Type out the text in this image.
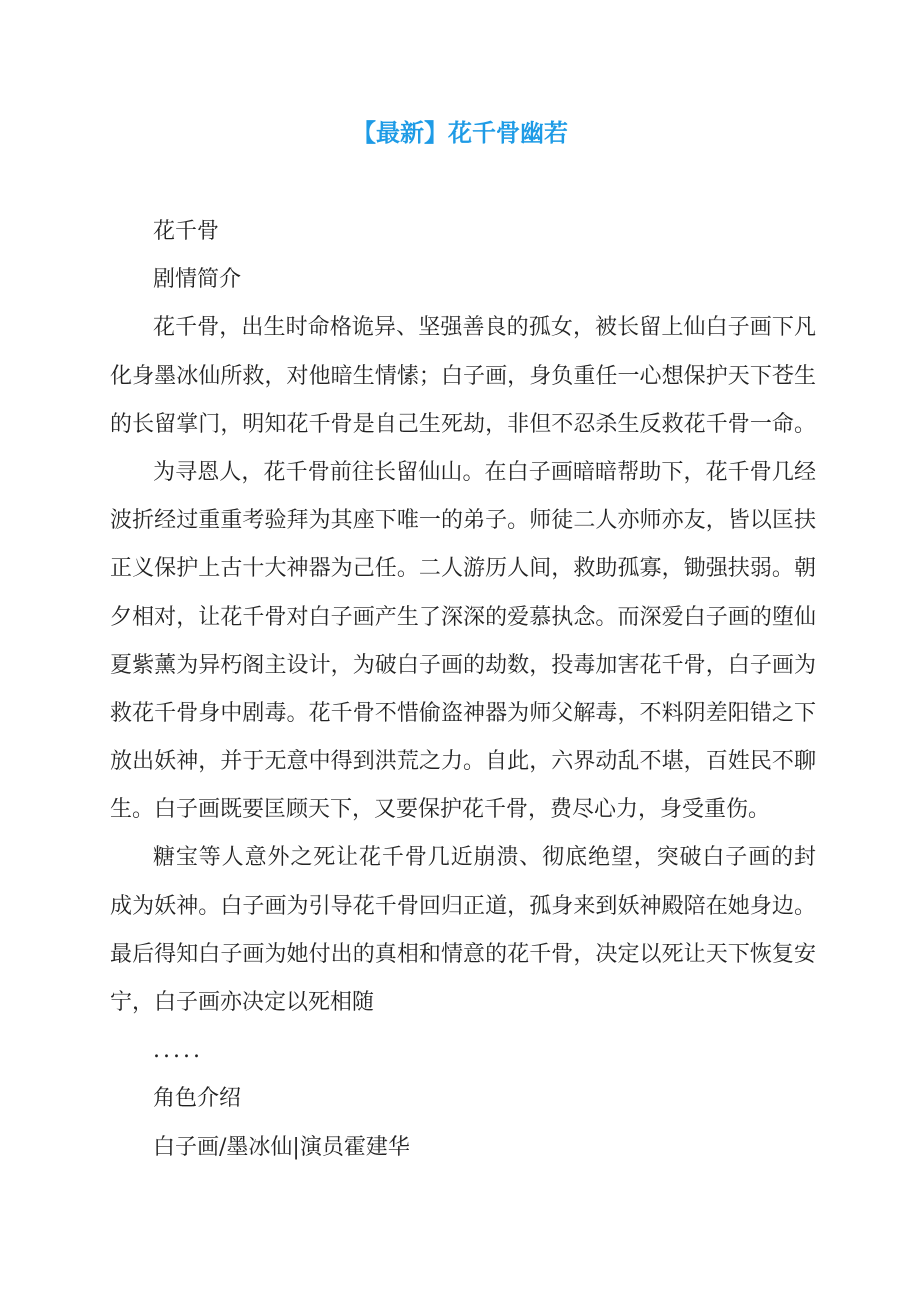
【最新】花千骨幽若
花千骨
剧情简介
花千骨，出生时命格诡异、坚强善良的孤女，被长留上仙白子画下凡
化身墨冰仙所救，对他暗生情愫；白子画，身负重任一心想保护天下苍生
的长留掌门，明知花千骨是自己生死劫，非但不忍杀生反救花千骨一命。
为寻恩人，花千骨前往长留仙山。在白子画暗暗帮助下，花千骨几经
波折经过重重考验拜为其座下唯一的弟子。师徒二人亦师亦友，皆以匡扶
正义保护上古十大神器为己任。二人游历人间，救助孤寡，锄强扶弱。朝
夕相对，让花千骨对白子画产生了深深的爱慕执念。而深爱白子画的堕仙
夏紫薰为异朽阁主设计，为破白子画的劫数，投毒加害花千骨，白子画为
救花千骨身中剧毒。花千骨不惜偷盗神器为师父解毒，不料阴差阳错之下
放出妖神，并于无意中得到洪荒之力。自此，六界动乱不堪，百姓民不聊
生。白子画既要匡顾天下，又要保护花千骨，费尽心力，身受重伤。
糖宝等人意外之死让花千骨几近崩溃、彻底绝望，突破白子画的封
成为妖神。白子画为引导花千骨回归正道，孤身来到妖神殿陪在她身边。
最后得知白子画为她付出的真相和情意的花千骨，决定以死让天下恢复安
宁，白子画亦决定以死相随
.....
角色介绍
白子画/墨冰仙|演员霍建华
